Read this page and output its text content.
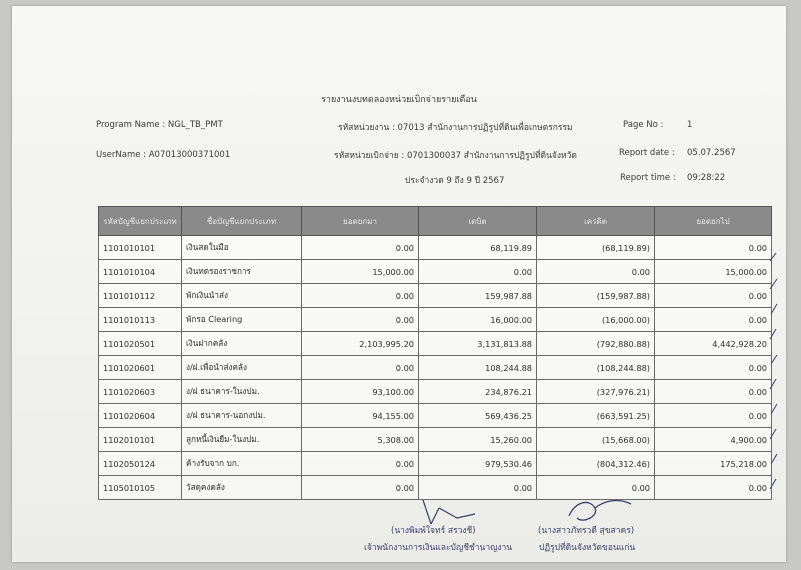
รายงานงบทดลองหน่วยเบิกจ่ายรายเดือน
Program Name : NGL_TB_PMT
UserName : A07013000371001
รหัสหน่วยงาน : 07013 สำนักงานการปฏิรูปที่ดินเพื่อเกษตรกรรม
รหัสหน่วยเบิกจ่าย : 0701300037 สำนักงานการปฏิรูปที่ดินจังหวัด
ประจำงวด 9 ถึง 9 ปี 2567
Page No :	1
Report date : 05.07.2567
Report time : 09:28:22
รหัสบัญชีแยกประเภท	ชื่อบัญชีแยกประเภท	ยอดยกมา	เดบิต	เครดิต	ยอดยกไป
1101010101	เงินสดในมือ	0.00	68,119.89	(68,119.89)	0.00
1101010104	เงินทดรองราชการ	15,000.00	0.00	0.00	15,000.00
1101010112	พักเงินนำส่ง	0.00	159,987.88	(159,987.88)	0.00
1101010113	พักรอ Clearing	0.00	16,000.00	(16,000.00)	0.00
1101020501	เงินฝากคลัง	2,103,995.20	3,131,813.88	(792,880.88)	4,442,928.20
1101020601	ง/ฝ.เพื่อนำส่งคลัง	0.00	108,244.88	(108,244.88)	0.00
1101020603	ง/ฝ ธนาคาร-ในงปม.	93,100.00	234,876.21	(327,976.21)	0.00
1101020604	ง/ฝ ธนาคาร-นอกงปม.	94,155.00	569,436.25	(663,591.25)	0.00
1102010101	ลูกหนี้เงินยืม-ในงปม.	5,308.00	15,260.00	(15,668.00)	4,900.00
1102050124	ค้างรับจาก บก.	0.00	979,530.46	(804,312.46)	175,218.00
1105010105	วัสดุคงคลัง	0.00	0.00	0.00	0.00
(นางพิมพ์ใจทร์ สรวงชี)
เจ้าพนักงานการเงินและบัญชีชำนาญงาน
(นางสาวภัทรวดี สุขสาคร)
ปฏิรูปที่ดินจังหวัดขอนแก่น
